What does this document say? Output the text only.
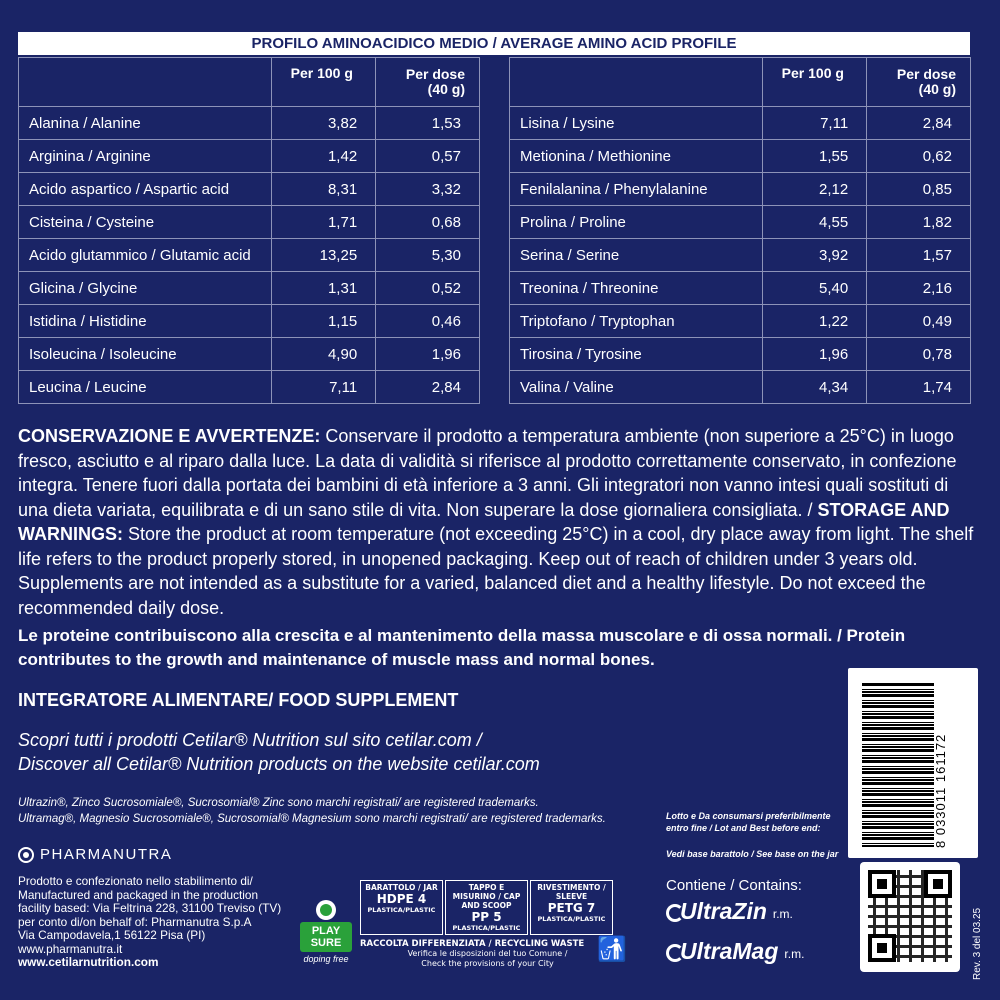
PROFILO AMINOACIDICO MEDIO / AVERAGE AMINO ACID PROFILE
	Per 100 g	Per dose
(40 g)
Alanina / Alanine	3,82	1,53
Arginina / Arginine	1,42	0,57
Acido aspartico / Aspartic acid	8,31	3,32
Cisteina / Cysteine	1,71	0,68
Acido glutammico / Glutamic acid	13,25	5,30
Glicina / Glycine	1,31	0,52
Istidina / Histidine	1,15	0,46
Isoleucina / Isoleucine	4,90	1,96
Leucina / Leucine	7,11	2,84
	Per 100 g	Per dose
(40 g)
Lisina / Lysine	7,11	2,84
Metionina / Methionine	1,55	0,62
Fenilalanina / Phenylalanine	2,12	0,85
Prolina / Proline	4,55	1,82
Serina / Serine	3,92	1,57
Treonina / Threonine	5,40	2,16
Triptofano / Tryptophan	1,22	0,49
Tirosina / Tyrosine	1,96	0,78
Valina / Valine	4,34	1,74
CONSERVAZIONE E AVVERTENZE: Conservare il prodotto a temperatura ambiente (non superiore a 25°C) in luogo fresco, asciutto e al riparo dalla luce. La data di validità si riferisce al prodotto correttamente conservato, in confezione integra. Tenere fuori dalla portata dei bambini di età inferiore a 3 anni. Gli integratori non vanno intesi quali sostituti di una dieta variata, equilibrata e di un sano stile di vita. Non superare la dose giornaliera consigliata. / STORAGE AND WARNINGS: Store the product at room temperature (not exceeding 25°C) in a cool, dry place away from light. The shelf life refers to the product properly stored, in unopened packaging. Keep out of reach of children under 3 years old. Supplements are not intended as a substitute for a varied, balanced diet and a healthy lifestyle. Do not exceed the recommended daily dose.
Le proteine contribuiscono alla crescita e al mantenimento della massa muscolare e di ossa normali. / Protein contributes to the growth and maintenance of muscle mass and normal bones.
INTEGRATORE ALIMENTARE/ FOOD SUPPLEMENT
Scopri tutti i prodotti Cetilar® Nutrition sul sito cetilar.com /
Discover all Cetilar® Nutrition products on the website cetilar.com
Ultrazin®, Zinco Sucrosomiale®, Sucrosomial® Zinc sono marchi registrati/ are registered trademarks.
Ultramag®, Magnesio Sucrosomiale®, Sucrosomial® Magnesium sono marchi registrati/ are registered trademarks.
PHARMANUTRA
Prodotto e confezionato nello stabilimento di/
Manufactured and packaged in the production
facility based: Via Feltrina 228, 31100 Treviso (TV)
per conto di/on behalf of: Pharmanutra S.p.A
Via Campodavela,1 56122 Pisa (PI)
www.pharmanutra.it
www.cetilarnutrition.com
PLAY
SURE
doping free
BARATTOLO / JAR
HDPE 4
PLASTICA/PLASTIC
TAPPO E MISURINO / CAP AND SCOOP
PP 5
PLASTICA/PLASTIC
RIVESTIMENTO / SLEEVE
PETG 7
PLASTICA/PLASTIC
RACCOLTA DIFFERENZIATA / RECYCLING WASTE
Verifica le disposizioni del tuo Comune /
Check the provisions of your City
🚮
Lotto e Da consumarsi preferibilmente
entro fine / Lot and Best before end:
Vedi base barattolo / See base on the jar
8 033011 161172
Contiene / Contains:
UltraZin r.m.
UltraMag r.m.	Rev. 3 del 03.25
